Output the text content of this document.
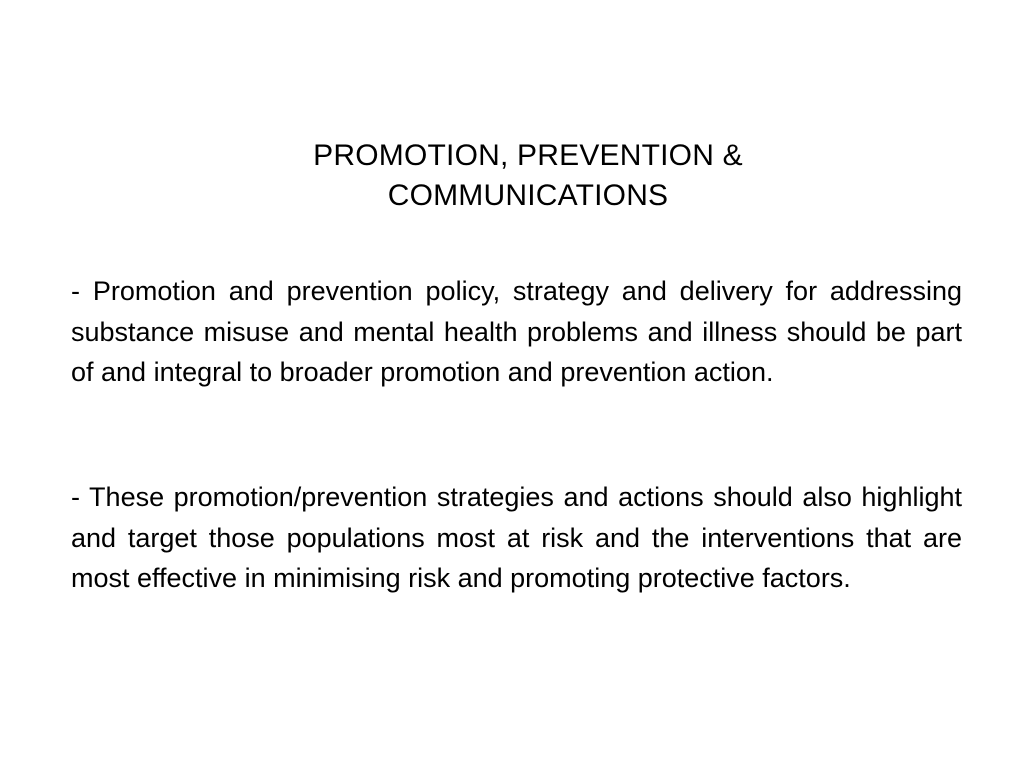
PROMOTION, PREVENTION &
COMMUNICATIONS

- Promotion and prevention policy, strategy and delivery for addressing substance misuse and mental health problems and illness should be part of and integral to broader promotion and prevention action.

- These promotion/prevention strategies and actions should also highlight and target those populations most at risk and the interventions that are most effective in minimising risk and promoting protective factors.
